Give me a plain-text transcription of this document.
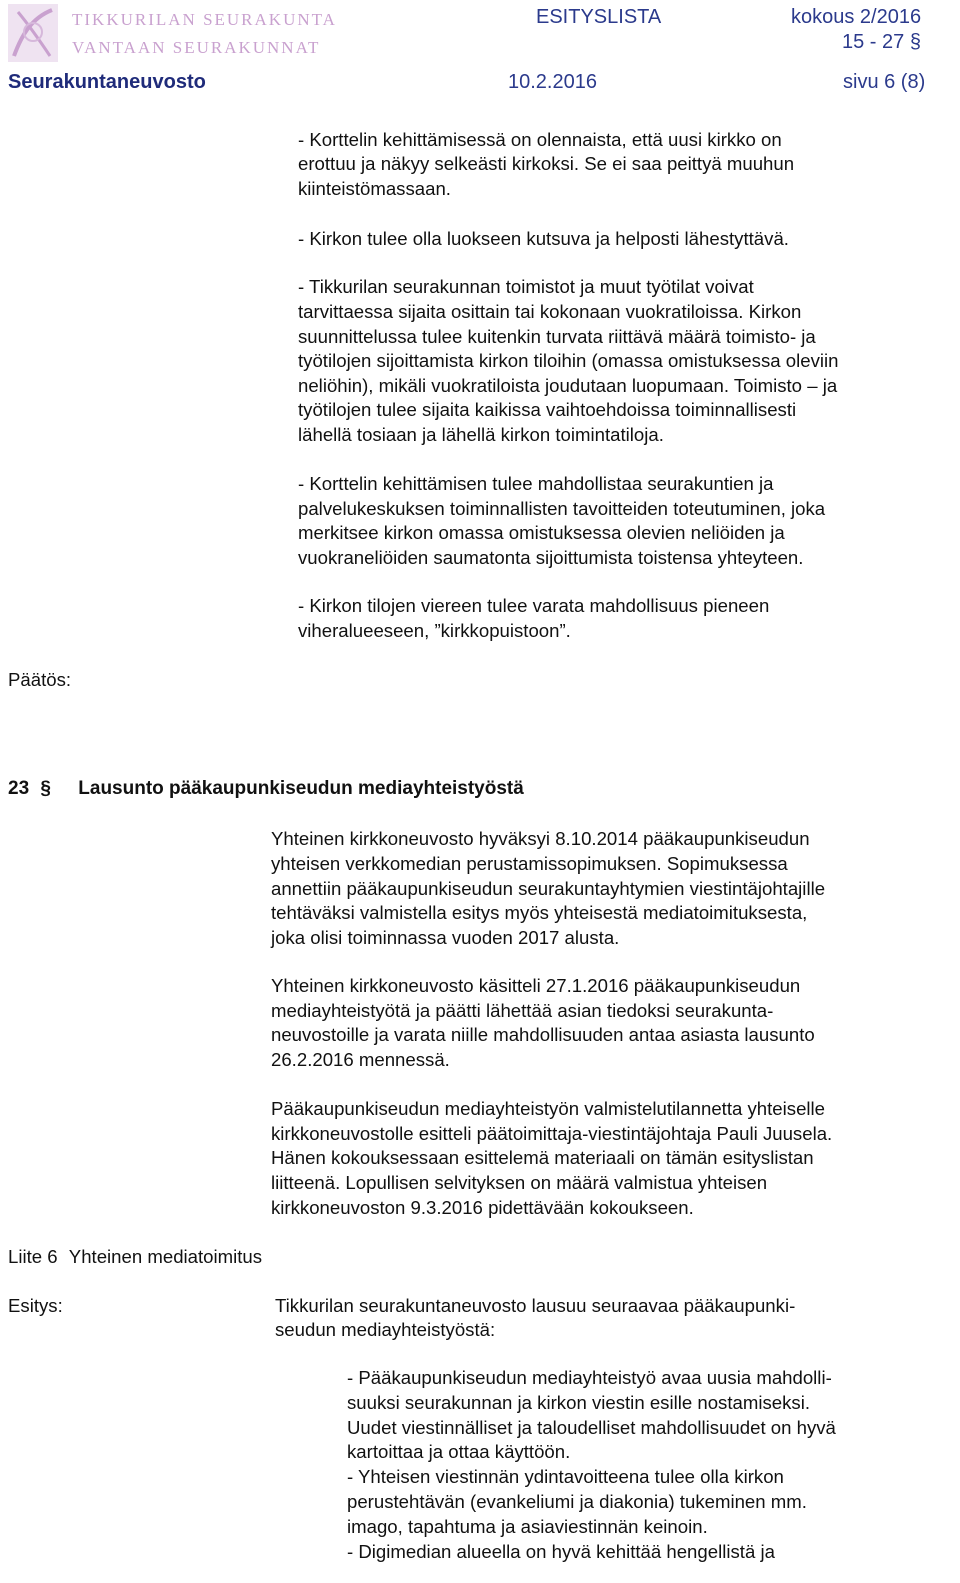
TIKKURILAN SEURAKUNTA
VANTAAN SEURAKUNNAT
ESITYSLISTA	kokous 2/2016
15 - 27 §
Seurakuntaneuvosto	10.2.2016	sivu 6 (8)
- Korttelin kehittämisessä on olennaista, että uusi kirkko on
erottuu ja näkyy selkeästi kirkoksi. Se ei saa peittyä muuhun
kiinteistömassaan.
- Kirkon tulee olla luokseen kutsuva ja helposti lähestyttävä.
- Tikkurilan seurakunnan toimistot ja muut työtilat voivat
tarvittaessa sijaita osittain tai kokonaan vuokratiloissa. Kirkon
suunnittelussa tulee kuitenkin turvata riittävä määrä toimisto- ja
työtilojen sijoittamista kirkon tiloihin (omassa omistuksessa oleviin
neliöhin), mikäli vuokratiloista joudutaan luopumaan. Toimisto – ja
työtilojen tulee sijaita kaikissa vaihtoehdoissa toiminnallisesti
lähellä tosiaan ja lähellä kirkon toimintatiloja.
- Korttelin kehittämisen tulee mahdollistaa seurakuntien ja
palvelukeskuksen toiminnallisten tavoitteiden toteutuminen, joka
merkitsee kirkon omassa omistuksessa olevien neliöiden ja
vuokraneliöiden saumatonta sijoittumista toistensa yhteyteen.
- Kirkon tilojen viereen tulee varata mahdollisuus pieneen
viheralueeseen, ”kirkkopuistoon”.
Päätös:
23 § Lausunto pääkaupunkiseudun mediayhteistyöstä
Yhteinen kirkkoneuvosto hyväksyi 8.10.2014 pääkaupunkiseudun
yhteisen verkkomedian perustamissopimuksen. Sopimuksessa
annettiin pääkaupunkiseudun seurakuntayhtymien viestintäjohtajille
tehtäväksi valmistella esitys myös yhteisestä mediatoimituksesta,
joka olisi toiminnassa vuoden 2017 alusta.
Yhteinen kirkkoneuvosto käsitteli 27.1.2016 pääkaupunkiseudun
mediayhteistyötä ja päätti lähettää asian tiedoksi seurakunta-
neuvostoille ja varata niille mahdollisuuden antaa asiasta lausunto
26.2.2016 mennessä.
Pääkaupunkiseudun mediayhteistyön valmistelutilannetta yhteiselle
kirkkoneuvostolle esitteli päätoimittaja-viestintäjohtaja Pauli Juusela.
Hänen kokouksessaan esittelemä materiaali on tämän esityslistan
liitteenä. Lopullisen selvityksen on määrä valmistua yhteisen
kirkkoneuvoston 9.3.2016 pidettävään kokoukseen.
Liite 6 Yhteinen mediatoimitus
Esitys:	Tikkurilan seurakuntaneuvosto lausuu seuraavaa pääkaupunki-
seudun mediayhteistyöstä:
- Pääkaupunkiseudun mediayhteistyö avaa uusia mahdolli-
suuksi seurakunnan ja kirkon viestin esille nostamiseksi.
Uudet viestinnälliset ja taloudelliset mahdollisuudet on hyvä
kartoittaa ja ottaa käyttöön.
- Yhteisen viestinnän ydintavoitteena tulee olla kirkon
perustehtävän (evankeliumi ja diakonia) tukeminen mm.
imago, tapahtuma ja asiaviestinnän keinoin.
- Digimedian alueella on hyvä kehittää hengellistä ja
